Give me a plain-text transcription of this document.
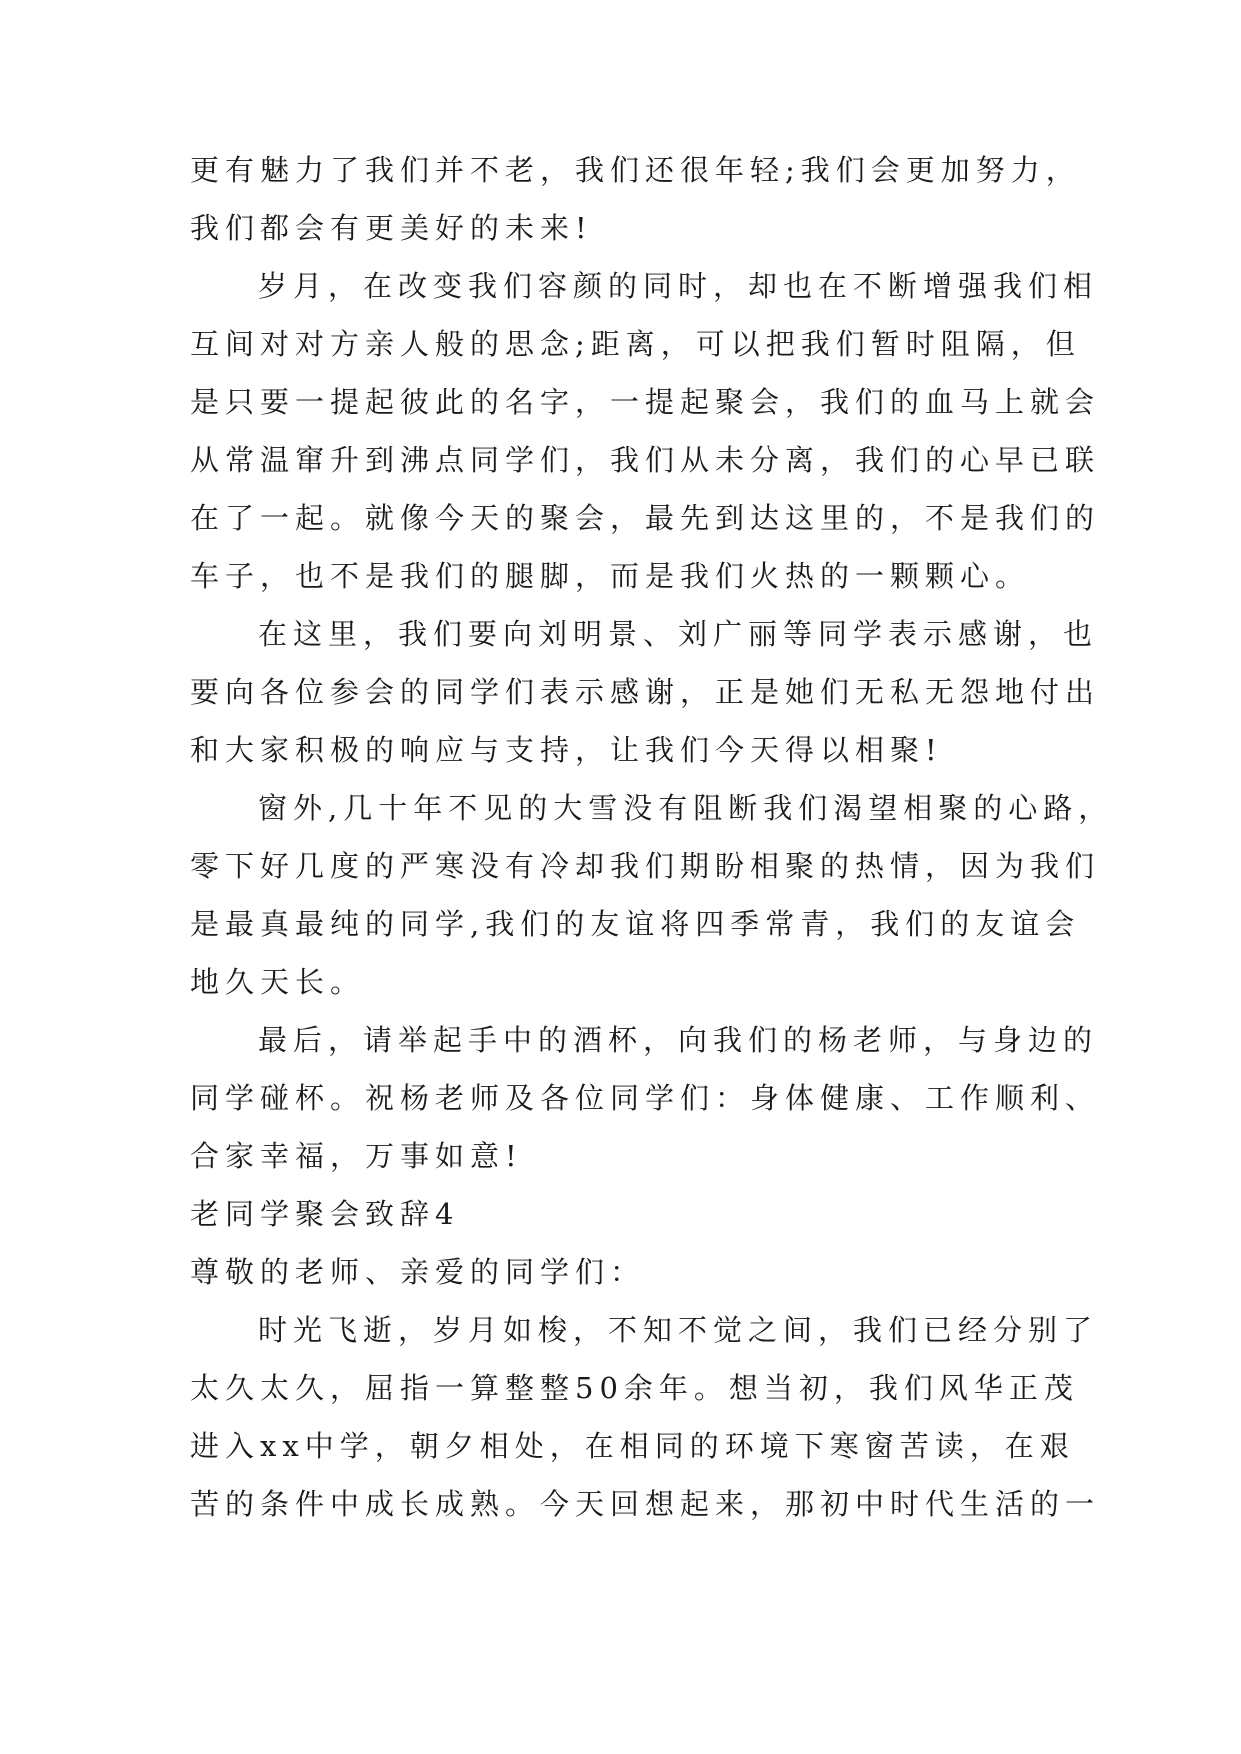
更有魅力了我们并不老，我们还很年轻;我们会更加努力，
我们都会有更美好的未来!
岁月，在改变我们容颜的同时，却也在不断增强我们相
互间对对方亲人般的思念;距离，可以把我们暂时阻隔，但
是只要一提起彼此的名字，一提起聚会，我们的血马上就会
从常温窜升到沸点同学们，我们从未分离，我们的心早已联
在了一起。就像今天的聚会，最先到达这里的，不是我们的
车子，也不是我们的腿脚，而是我们火热的一颗颗心。
在这里，我们要向刘明景、刘广丽等同学表示感谢，也
要向各位参会的同学们表示感谢，正是她们无私无怨地付出
和大家积极的响应与支持，让我们今天得以相聚!
窗外,几十年不见的大雪没有阻断我们渴望相聚的心路，
零下好几度的严寒没有冷却我们期盼相聚的热情，因为我们
是最真最纯的同学,我们的友谊将四季常青，我们的友谊会
地久天长。
最后，请举起手中的酒杯，向我们的杨老师，与身边的
同学碰杯。祝杨老师及各位同学们：身体健康、工作顺利、
合家幸福，万事如意!
老同学聚会致辞4
尊敬的老师、亲爱的同学们：
时光飞逝，岁月如梭，不知不觉之间，我们已经分别了
太久太久，屈指一算整整50余年。想当初，我们风华正茂
进入xx中学，朝夕相处，在相同的环境下寒窗苦读，在艰
苦的条件中成长成熟。今天回想起来，那初中时代生活的一
